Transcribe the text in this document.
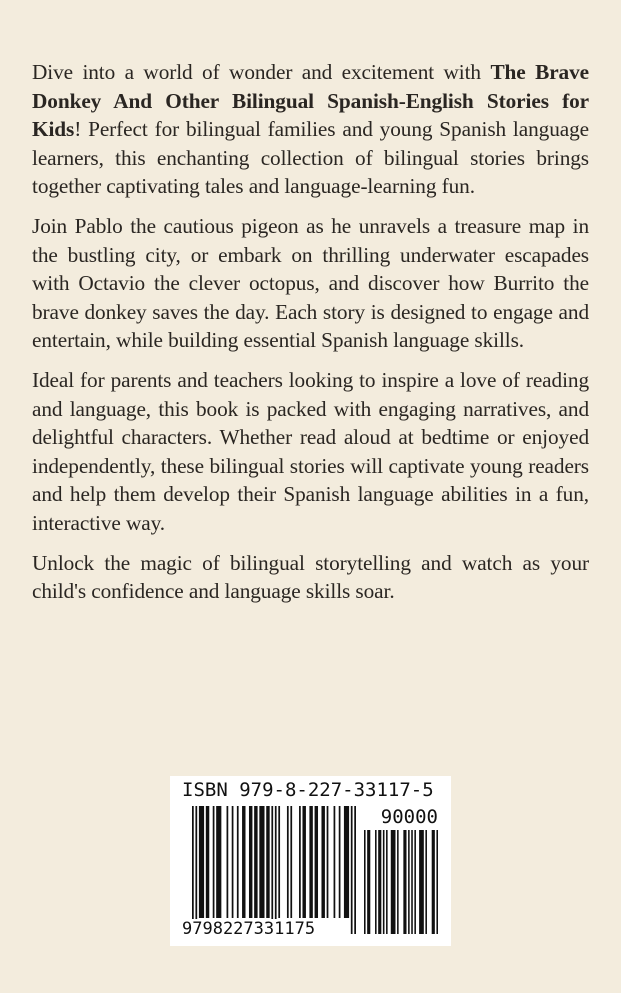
Dive into a world of wonder and excitement with The Brave Donkey And Other Bilingual Spanish-English Stories for Kids! Perfect for bilingual families and young Spanish language learners, this enchanting collection of bilingual stories brings together captivating tales and language-learning fun.

Join Pablo the cautious pigeon as he unravels a treasure map in the bustling city, or embark on thrilling underwater escapades with Octavio the clever octopus, and discover how Burrito the brave donkey saves the day. Each story is designed to engage and entertain, while building essential Spanish language skills.

Ideal for parents and teachers looking to inspire a love of reading and language, this book is packed with engaging narratives, and delightful characters. Whether read aloud at bedtime or enjoyed independently, these bilingual stories will captivate young readers and help them develop their Spanish language abilities in a fun, interactive way.

Unlock the magic of bilingual storytelling and watch as your child's confidence and language skills soar.

ISBN 979-8-227-33117-5
90000
9798227331175
